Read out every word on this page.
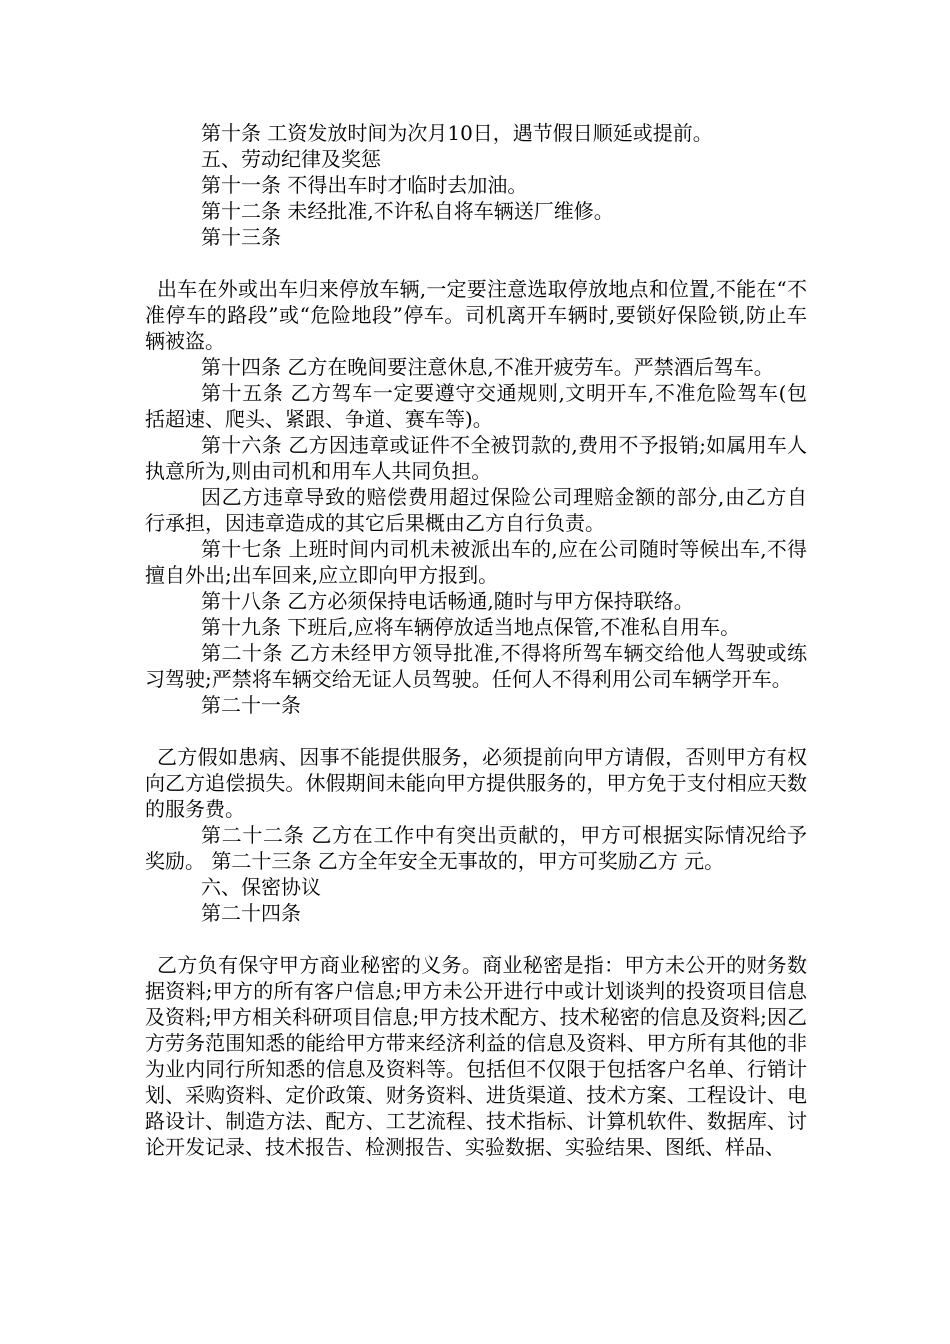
第十条 工资发放时间为次月10日，遇节假日顺延或提前。

五、劳动纪律及奖惩

第十一条 不得出车时才临时去加油。

第十二条 未经批准,不许私自将车辆送厂维修。

第十三条

出车在外或出车归来停放车辆,一定要注意选取停放地点和位置,不能在“不准停车的路段”或“危险地段”停车。司机离开车辆时,要锁好保险锁,防止车辆被盗。

第十四条 乙方在晚间要注意休息,不准开疲劳车。严禁酒后驾车。

第十五条 乙方驾车一定要遵守交通规则,文明开车,不准危险驾车(包括超速、爬头、紧跟、争道、赛车等)。

第十六条 乙方因违章或证件不全被罚款的,费用不予报销;如属用车人执意所为,则由司机和用车人共同负担。

因乙方违章导致的赔偿费用超过保险公司理赔金额的部分,由乙方自行承担，因违章造成的其它后果概由乙方自行负责。

第十七条 上班时间内司机未被派出车的,应在公司随时等候出车,不得擅自外出;出车回来,应立即向甲方报到。

第十八条 乙方必须保持电话畅通,随时与甲方保持联络。

第十九条 下班后,应将车辆停放适当地点保管,不准私自用车。

第二十条 乙方未经甲方领导批准,不得将所驾车辆交给他人驾驶或练习驾驶;严禁将车辆交给无证人员驾驶。任何人不得利用公司车辆学开车。

第二十一条

乙方假如患病、因事不能提供服务，必须提前向甲方请假，否则甲方有权向乙方追偿损失。休假期间未能向甲方提供服务的，甲方免于支付相应天数的服务费。

第二十二条 乙方在工作中有突出贡献的，甲方可根据实际情况给予奖励。 第二十三条 乙方全年安全无事故的，甲方可奖励乙方 元。

六、保密协议

第二十四条

乙方负有保守甲方商业秘密的义务。商业秘密是指：甲方未公开的财务数据资料;甲方的所有客户信息;甲方未公开进行中或计划谈判的投资项目信息及资料;甲方相关科研项目信息;甲方技术配方、技术秘密的信息及资料;因乙方劳务范围知悉的能给甲方带来经济利益的信息及资料、甲方所有其他的非为业内同行所知悉的信息及资料等。包括但不仅限于包括客户名单、行销计划、采购资料、定价政策、财务资料、进货渠道、技术方案、工程设计、电路设计、制造方法、配方、工艺流程、技术指标、计算机软件、数据库、讨论开发记录、技术报告、检测报告、实验数据、实验结果、图纸、样品、
